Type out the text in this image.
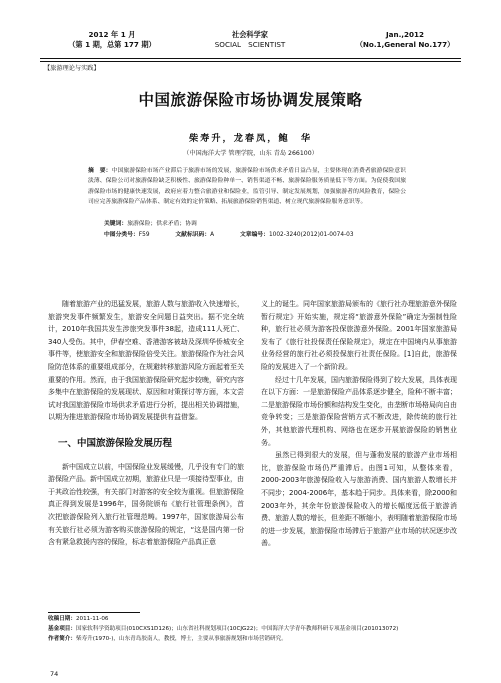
2012 年 1 月
（第 1 期，总第 177 期）
社会科学家
SOCIAL　SCIENTIST
Jan.,2012
（No.1,General No.177）
【旅游理论与实践】
中国旅游保险市场协调发展策略
柴寿升，龙春凤，鲍　华
（中国海洋大学 管理学院，山东 青岛 266100）
摘　要：中国旅游保险市场产业滞后于旅游市场的发展，旅游保险市场供求矛盾日益凸显，主要体现在消费者旅游保险意识淡薄、保险公司对旅游保险缺乏积极性、旅游保险险种单一、销售渠道不畅、旅游保险服务质量低下等方面。为促使我国旅游保险市场的健康快速发展，政府应着力整合旅游业和保险业，监管引导、制定发展规划，加强旅游者的风险教育，保险公司应完善旅游保险产品体系、制定有效的定价策略、拓展旅游保险销售渠道、树立现代旅游保险服务意识等。
关键词：旅游保险；供求矛盾；协调
中图分类号：F59	文献标识码：A	文章编号：1002-3240(2012)01-0074-03

随着旅游产业的迅猛发展，旅游人数与旅游收入快速增长，旅游突发事件频繁发生，旅游安全问题日益突出。据不完全统计，2010年我国共发生涉旅突发事件38起，造成111人死亡、340人受伤。其中，伊春空难、香港游客被劫及深圳华侨城安全事件等，使旅游安全和旅游保险倍受关注。旅游保险作为社会风险防范体系的重要组成部分，在规避转移旅游风险方面起着至关重要的作用。然而，由于我国旅游保险研究起步较晚，研究内容多集中在旅游保险的发展现状、原因和对策探讨等方面，本文尝试对我国旅游保险市场供求矛盾进行分析，提出相关协调措施，以期为推进旅游保险市场协调发展提供有益借鉴。

一、中国旅游保险发展历程

新中国成立以前，中国保险业发展缓慢，几乎没有专门的旅游保险产品。新中国成立初期，旅游业只是一项接待型事业，由于其政治性较强，有关部门对游客的安全较为重视。但旅游保险真正得到发展是1996年，国务院颁布《旅行社管理条例》，首次把旅游保险列入旅行社管理范畴。1997年，国家旅游局公布有关旅行社必须为游客购买旅游保险的规定，“这是国内第一份含有紧急救援内容的保险，标志着旅游保险产品真正意

义上的诞生。同年国家旅游局颁布的《旅行社办理旅游意外保险暂行规定》开始实施，规定将“旅游意外保险”确定为强制性险种，旅行社必须为游客投保旅游意外保险。2001年国家旅游局发布了《旅行社投保责任保险规定》，规定在中国境内从事旅游业务经营的旅行社必须投保旅行社责任保险。[1]自此，旅游保险的发展进入了一个新阶段。

经过十几年发展，国内旅游保险得到了较大发展，具体表现在以下方面：一是旅游保险产品体系逐步健全，险种不断丰富；二是旅游保险市场份额和结构发生变化，由垄断市场格局向自由竞争转变；三是旅游保险营销方式不断改进，除传统的旅行社外，其他旅游代理机构、网络也在逐步开展旅游保险的销售业务。

虽然已得到很大的发展，但与蓬勃发展的旅游产业市场相比，旅游保险市场仍严重滞后。由图1可知，从整体来看，2000-2003年旅游保险收入与旅游消费、国内旅游人数增长并不同步；2004-2006年，基本趋于同步。具体来看，除2000和2003年外，其余年份旅游保险收入的增长幅度远低于旅游消费、旅游人数的增长，但差距不断缩小，表明随着旅游保险市场的进一步发展，旅游保险市场滞后于旅游产业市场的状况逐步改善。

收稿日期：2011-11-06
基金项目：国家软科学资助项目(010CXS1D126)；山东省社科规划项目(10CJG22)；中国海洋大学青年教师科研专项基金项目(201013072)
作者简介：柴寿升(1970-)，山东青岛胶南人，教授，博士，主要从事旅游规划和市场营销研究。
74
